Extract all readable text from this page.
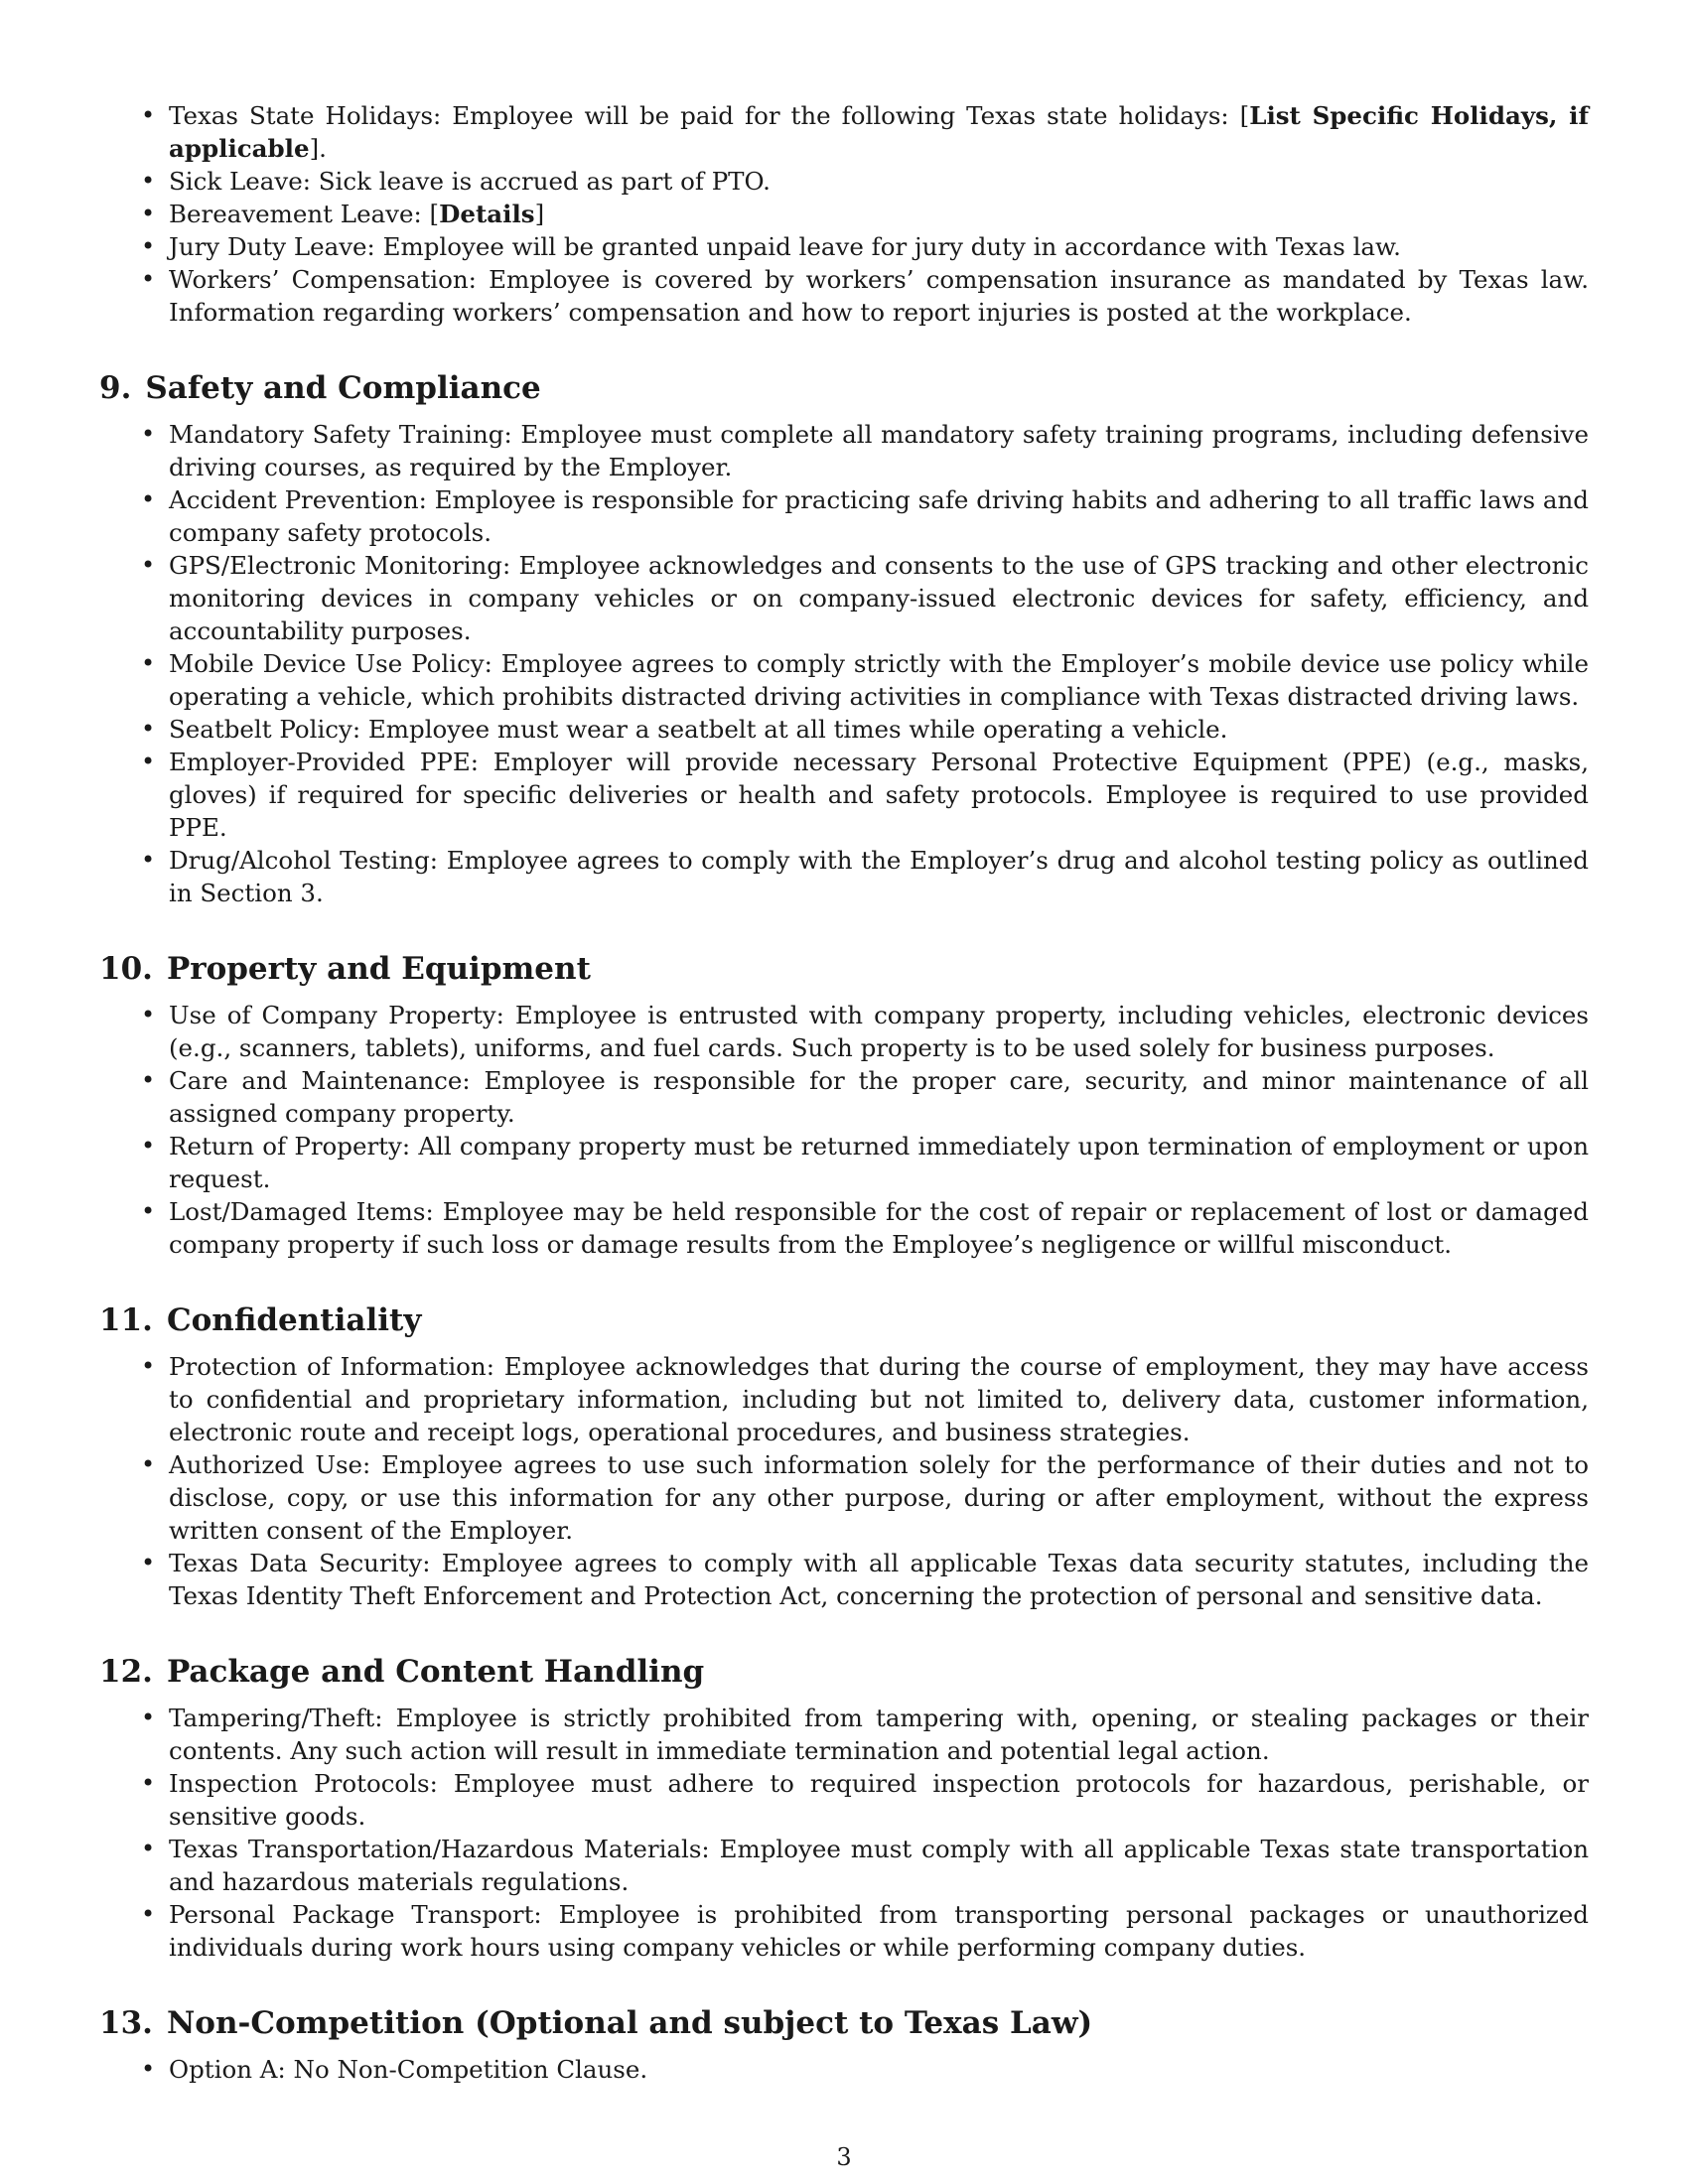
• Texas State Holidays: Employee will be paid for the following Texas state holidays: [List Specific Holidays, if applicable].
• Sick Leave: Sick leave is accrued as part of PTO.
• Bereavement Leave: [Details]
• Jury Duty Leave: Employee will be granted unpaid leave for jury duty in accordance with Texas law.
• Workers’ Compensation: Employee is covered by workers’ compensation insurance as mandated by Texas law. Information regarding workers’ compensation and how to report injuries is posted at the workplace.
9. Safety and Compliance
• Mandatory Safety Training: Employee must complete all mandatory safety training programs, including defensive driving courses, as required by the Employer.
• Accident Prevention: Employee is responsible for practicing safe driving habits and adhering to all traffic laws and company safety protocols.
• GPS/Electronic Monitoring: Employee acknowledges and consents to the use of GPS tracking and other electronic monitoring devices in company vehicles or on company-issued electronic devices for safety, efficiency, and accountability purposes.
• Mobile Device Use Policy: Employee agrees to comply strictly with the Employer’s mobile device use policy while operating a vehicle, which prohibits distracted driving activities in compliance with Texas distracted driving laws.
• Seatbelt Policy: Employee must wear a seatbelt at all times while operating a vehicle.
• Employer-Provided PPE: Employer will provide necessary Personal Protective Equipment (PPE) (e.g., masks, gloves) if required for specific deliveries or health and safety protocols. Employee is required to use provided PPE.
• Drug/Alcohol Testing: Employee agrees to comply with the Employer’s drug and alcohol testing policy as outlined in Section 3.
10. Property and Equipment
• Use of Company Property: Employee is entrusted with company property, including vehicles, electronic devices (e.g., scanners, tablets), uniforms, and fuel cards. Such property is to be used solely for business purposes.
• Care and Maintenance: Employee is responsible for the proper care, security, and minor maintenance of all assigned company property.
• Return of Property: All company property must be returned immediately upon termination of employment or upon request.
• Lost/Damaged Items: Employee may be held responsible for the cost of repair or replacement of lost or damaged company property if such loss or damage results from the Employee’s negligence or willful misconduct.
11. Confidentiality
• Protection of Information: Employee acknowledges that during the course of employment, they may have access to confidential and proprietary information, including but not limited to, delivery data, customer information, electronic route and receipt logs, operational procedures, and business strategies.
• Authorized Use: Employee agrees to use such information solely for the performance of their duties and not to disclose, copy, or use this information for any other purpose, during or after employment, without the express written consent of the Employer.
• Texas Data Security: Employee agrees to comply with all applicable Texas data security statutes, including the Texas Identity Theft Enforcement and Protection Act, concerning the protection of personal and sensitive data.
12. Package and Content Handling
• Tampering/Theft: Employee is strictly prohibited from tampering with, opening, or stealing packages or their contents. Any such action will result in immediate termination and potential legal action.
• Inspection Protocols: Employee must adhere to required inspection protocols for hazardous, perishable, or sensitive goods.
• Texas Transportation/Hazardous Materials: Employee must comply with all applicable Texas state transportation and hazardous materials regulations.
• Personal Package Transport: Employee is prohibited from transporting personal packages or unauthorized individuals during work hours using company vehicles or while performing company duties.
13. Non-Competition (Optional and subject to Texas Law)
• Option A: No Non-Competition Clause.
3
